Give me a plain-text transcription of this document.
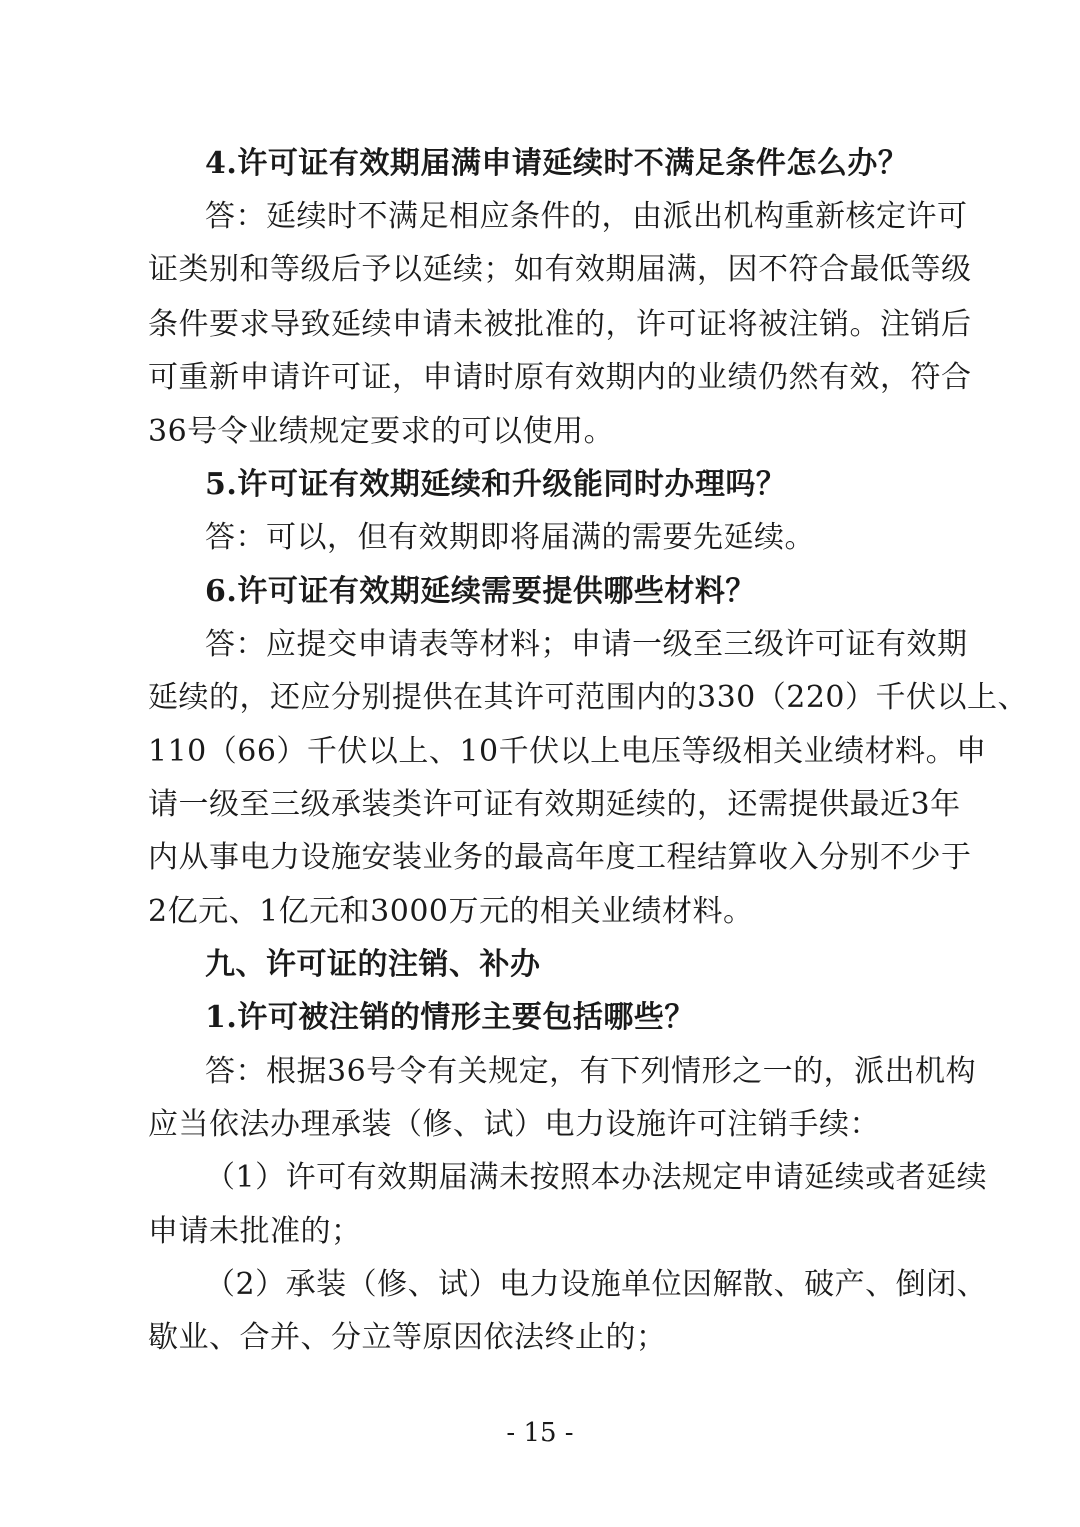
4.许可证有效期届满申请延续时不满足条件怎么办？
答：延续时不满足相应条件的，由派出机构重新核定许可
证类别和等级后予以延续；如有效期届满，因不符合最低等级
条件要求导致延续申请未被批准的，许可证将被注销。注销后
可重新申请许可证，申请时原有效期内的业绩仍然有效，符合
36号令业绩规定要求的可以使用。
5.许可证有效期延续和升级能同时办理吗？
答：可以，但有效期即将届满的需要先延续。
6.许可证有效期延续需要提供哪些材料？
答：应提交申请表等材料；申请一级至三级许可证有效期
延续的，还应分别提供在其许可范围内的330（220）千伏以上、
110（66）千伏以上、10千伏以上电压等级相关业绩材料。申
请一级至三级承装类许可证有效期延续的，还需提供最近3年
内从事电力设施安装业务的最高年度工程结算收入分别不少于
2亿元、1亿元和3000万元的相关业绩材料。
九、许可证的注销、补办
1.许可被注销的情形主要包括哪些？
答：根据36号令有关规定，有下列情形之一的，派出机构
应当依法办理承装（修、试）电力设施许可注销手续：
（1）许可有效期届满未按照本办法规定申请延续或者延续
申请未批准的；
（2）承装（修、试）电力设施单位因解散、破产、倒闭、
歇业、合并、分立等原因依法终止的；
- 15 -
